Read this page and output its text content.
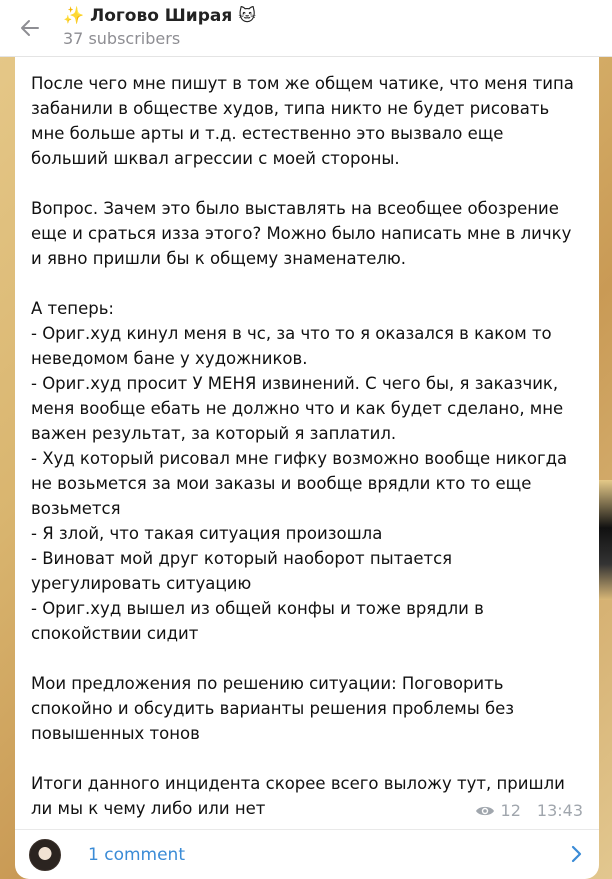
✨ Логово Ширая 🐱
37 subscribers
После чего мне пишут в том же общем чатике, что меня типа
забанили в обществе худов, типа никто не будет рисовать
мне больше арты и т.д. естественно это вызвало еще
больший шквал агрессии с моей стороны.

Вопрос. Зачем это было выставлять на всеобщее обозрение
еще и сраться изза этого? Можно было написать мне в личку
и явно пришли бы к общему знаменателю.

А теперь:
- Ориг.худ кинул меня в чс, за что то я оказался в каком то
неведомом бане у художников.
- Ориг.худ просит У МЕНЯ извинений. С чего бы, я заказчик,
меня вообще ебать не должно что и как будет сделано, мне
важен результат, за который я заплатил.
- Худ который рисовал мне гифку возможно вообще никогда
не возьмется за мои заказы и вообще врядли кто то еще
возьмется
- Я злой, что такая ситуация произошла
- Виноват мой друг который наоборот пытается
урегулировать ситуацию
- Ориг.худ вышел из общей конфы и тоже врядли в
спокойствии сидит

Мои предложения по решению ситуации: Поговорить
спокойно и обсудить варианты решения проблемы без
повышенных тонов

Итоги данного инцидента скорее всего выложу тут, пришли
ли мы к чему либо или нет	12 13:43
1 comment
